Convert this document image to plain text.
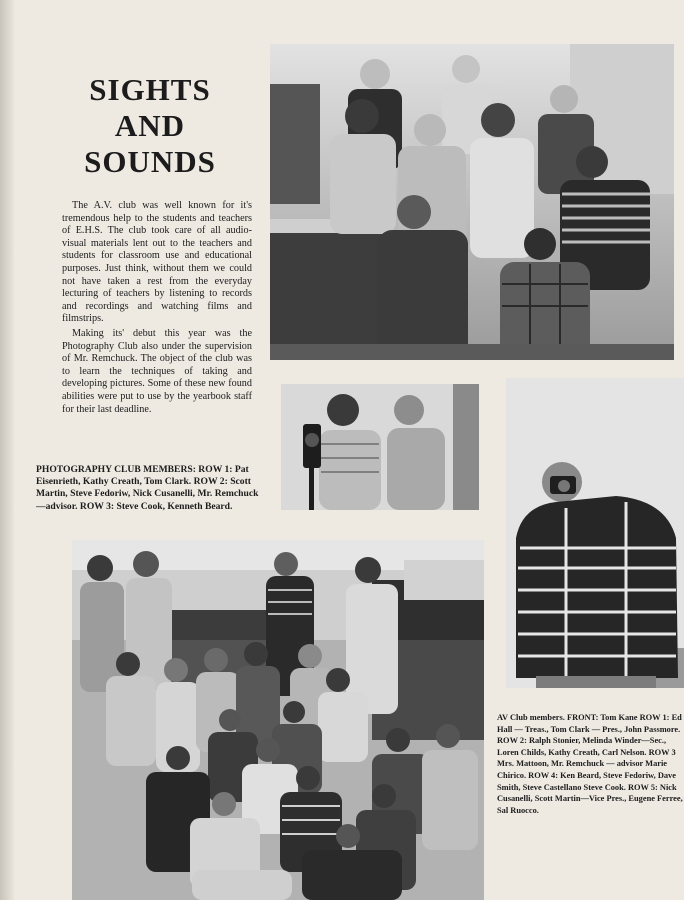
SIGHTS
AND
SOUNDS

The A.V. club was well known for it's tremendous help to the students and teachers of E.H.S. The club took care of all audio-visual materials lent out to the teachers and students for classroom use and educational purposes. Just think, without them we could not have taken a rest from the everyday lecturing of teachers by listening to records and recordings and watching films and filmstrips.

Making its' debut this year was the Photography Club also under the supervision of Mr. Remchuck. The object of the club was to learn the techniques of taking and developing pictures. Some of these new found abilities were put to use by the yearbook staff for their last deadline.

PHOTOGRAPHY CLUB MEMBERS: ROW 1: Pat Eisenrieth, Kathy Creath, Tom Clark. ROW 2: Scott Martin, Steve Fedoriw, Nick Cusanelli, Mr. Remchuck—advisor. ROW 3: Steve Cook, Kenneth Beard.

AV Club members. FRONT: Tom Kane ROW 1: Ed Hall — Treas., Tom Clark — Pres., John Passmore. ROW 2: Ralph Stonier, Melinda Winder—Sec., Loren Childs, Kathy Creath, Carl Nelson. ROW 3 Mrs. Mattoon, Mr. Remchuck — advisor Marie Chirico. ROW 4: Ken Beard, Steve Fedoriw, Dave Smith, Steve Castellano Steve Cook. ROW 5: Nick Cusanelli, Scott Martin—Vice Pres., Eugene Ferree, Sal Ruocco.
